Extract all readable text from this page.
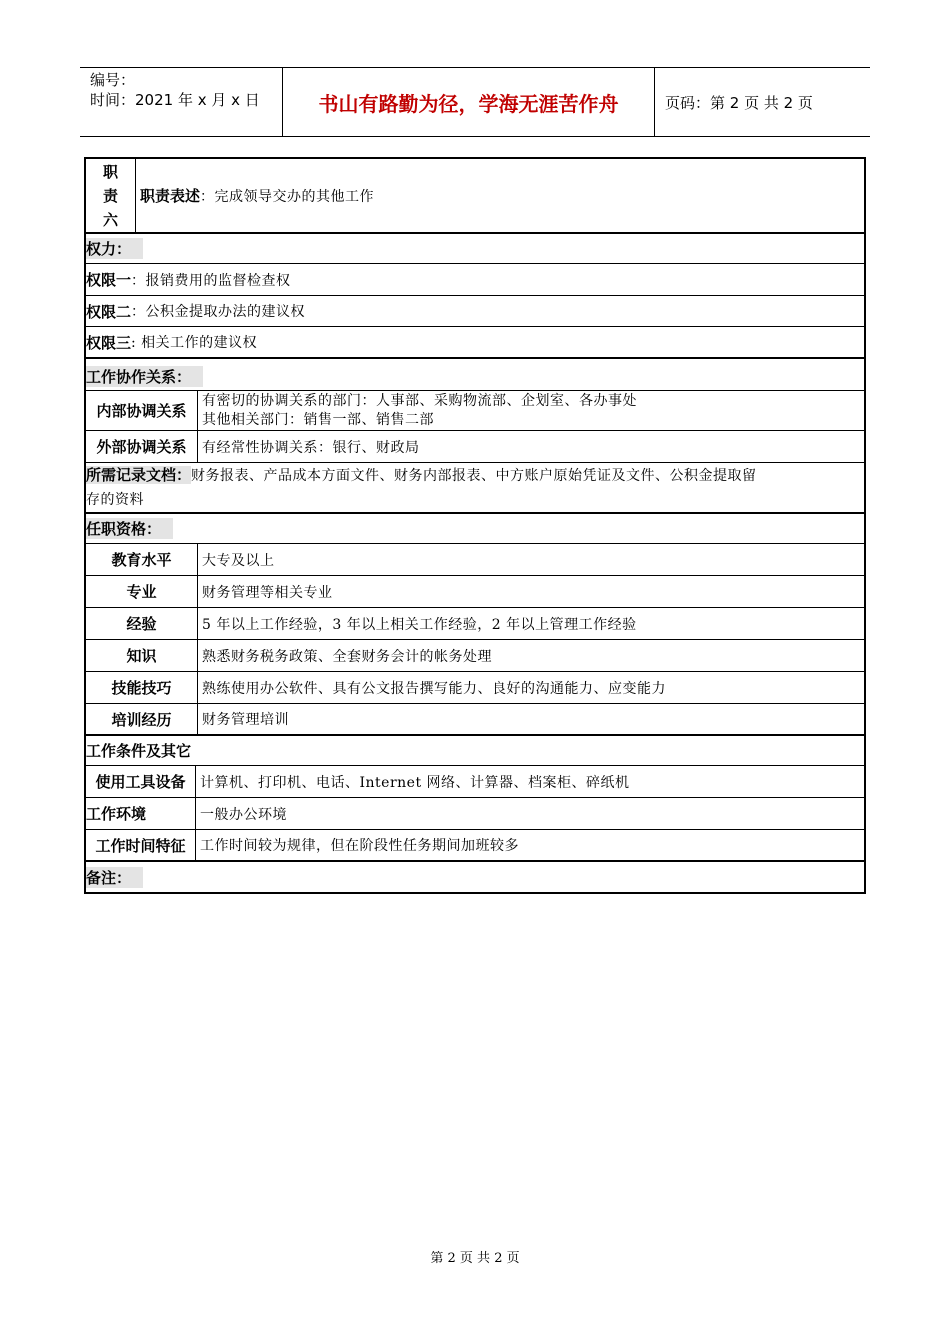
编号：
时间：2021 年 x 月 x 日	书山有路勤为径，学海无涯苦作舟	页码：第 2 页 共 2 页
职
责
六
职责表述 ：完成领导交办的其他工作
权力：
权限一 ：报销费用的监督检查权
权限二 ：公积金提取办法的建议权
权限三 : 相关工作的建议权
工作协作关系：
内部协调关系
有密切的协调关系的部门：人事部、采购物流部、企划室、各办事处
其他相关部门：销售一部、销售二部
外部协调关系 有经常性协调关系：银行、财政局
所需记录文档：财务报表、产品成本方面文件、财务内部报表、中方账户原始凭证及文件、公积金提取留
存的资料
任职资格：
教育水平 大专及以上
专业	财务管理等相关专业
经验	5 年以上工作经验，3 年以上相关工作经验，2 年以上管理工作经验
知识	熟悉财务税务政策、全套财务会计的帐务处理
技能技巧 熟练使用办公软件、具有公文报告撰写能力、良好的沟通能力、应变能力
培训经历 财务管理培训
工作条件及其它
使用工具设备 计算机、打印机、电话、Internet 网络、计算器、档案柜、碎纸机
工作环境	一般办公环境
工作时间特征 工作时间较为规律，但在阶段性任务期间加班较多
备注：
第 2 页 共 2 页
